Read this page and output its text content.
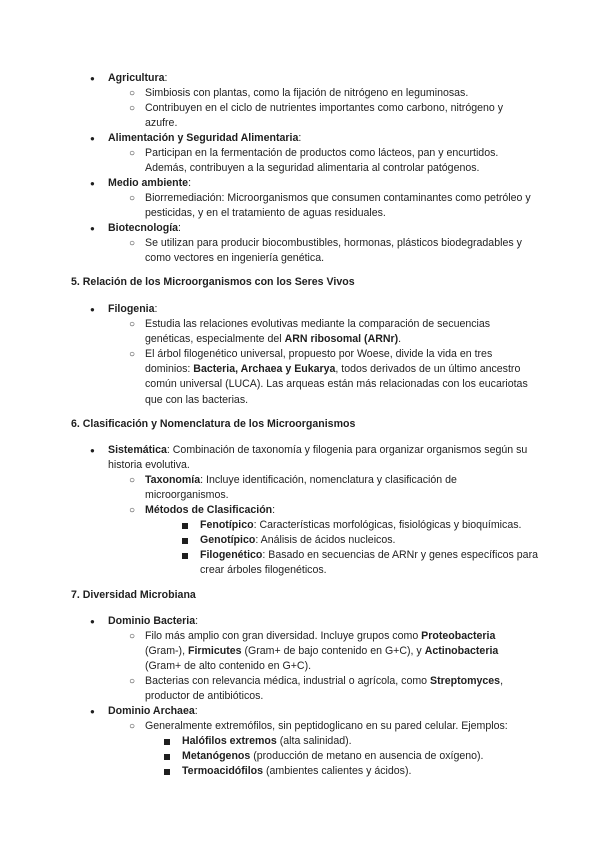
●	Agricultura:
○ Simbiosis con plantas, como la fijación de nitrógeno en leguminosas.
○ Contribuyen en el ciclo de nutrientes importantes como carbono, nitrógeno y azufre.
●	Alimentación y Seguridad Alimentaria:
○ Participan en la fermentación de productos como lácteos, pan y encurtidos. Además, contribuyen a la seguridad alimentaria al controlar patógenos.
●	Medio ambiente:
○ Biorremediación: Microorganismos que consumen contaminantes como petróleo y pesticidas, y en el tratamiento de aguas residuales.
●	Biotecnología:
○ Se utilizan para producir biocombustibles, hormonas, plásticos biodegradables y como vectores en ingeniería genética.
5. Relación de los Microorganismos con los Seres Vivos
●	Filogenia:
○ Estudia las relaciones evolutivas mediante la comparación de secuencias genéticas, especialmente del ARN ribosomal (ARNr).
○ El árbol filogenético universal, propuesto por Woese, divide la vida en tres dominios: Bacteria, Archaea y Eukarya, todos derivados de un último ancestro común universal (LUCA). Las arqueas están más relacionadas con los eucariotas que con las bacterias.
6. Clasificación y Nomenclatura de los Microorganismos
●	Sistemática: Combinación de taxonomía y filogenia para organizar organismos según su historia evolutiva.
○ Taxonomía: Incluye identificación, nomenclatura y clasificación de microorganismos.
○ Métodos de Clasificación:
Fenotípico: Características morfológicas, fisiológicas y bioquímicas.
Genotípico: Análisis de ácidos nucleicos.
Filogenético: Basado en secuencias de ARNr y genes específicos para crear árboles filogenéticos.
7. Diversidad Microbiana
●	Dominio Bacteria:
○ Filo más amplio con gran diversidad. Incluye grupos como Proteobacteria (Gram-), Firmicutes (Gram+ de bajo contenido en G+C), y Actinobacteria (Gram+ de alto contenido en G+C).
○ Bacterias con relevancia médica, industrial o agrícola, como Streptomyces, productor de antibióticos.
●	Dominio Archaea:
○ Generalmente extremófilos, sin peptidoglicano en su pared celular. Ejemplos:
Halófilos extremos (alta salinidad).
Metanógenos (producción de metano en ausencia de oxígeno).
Termoacidófilos (ambientes calientes y ácidos).
